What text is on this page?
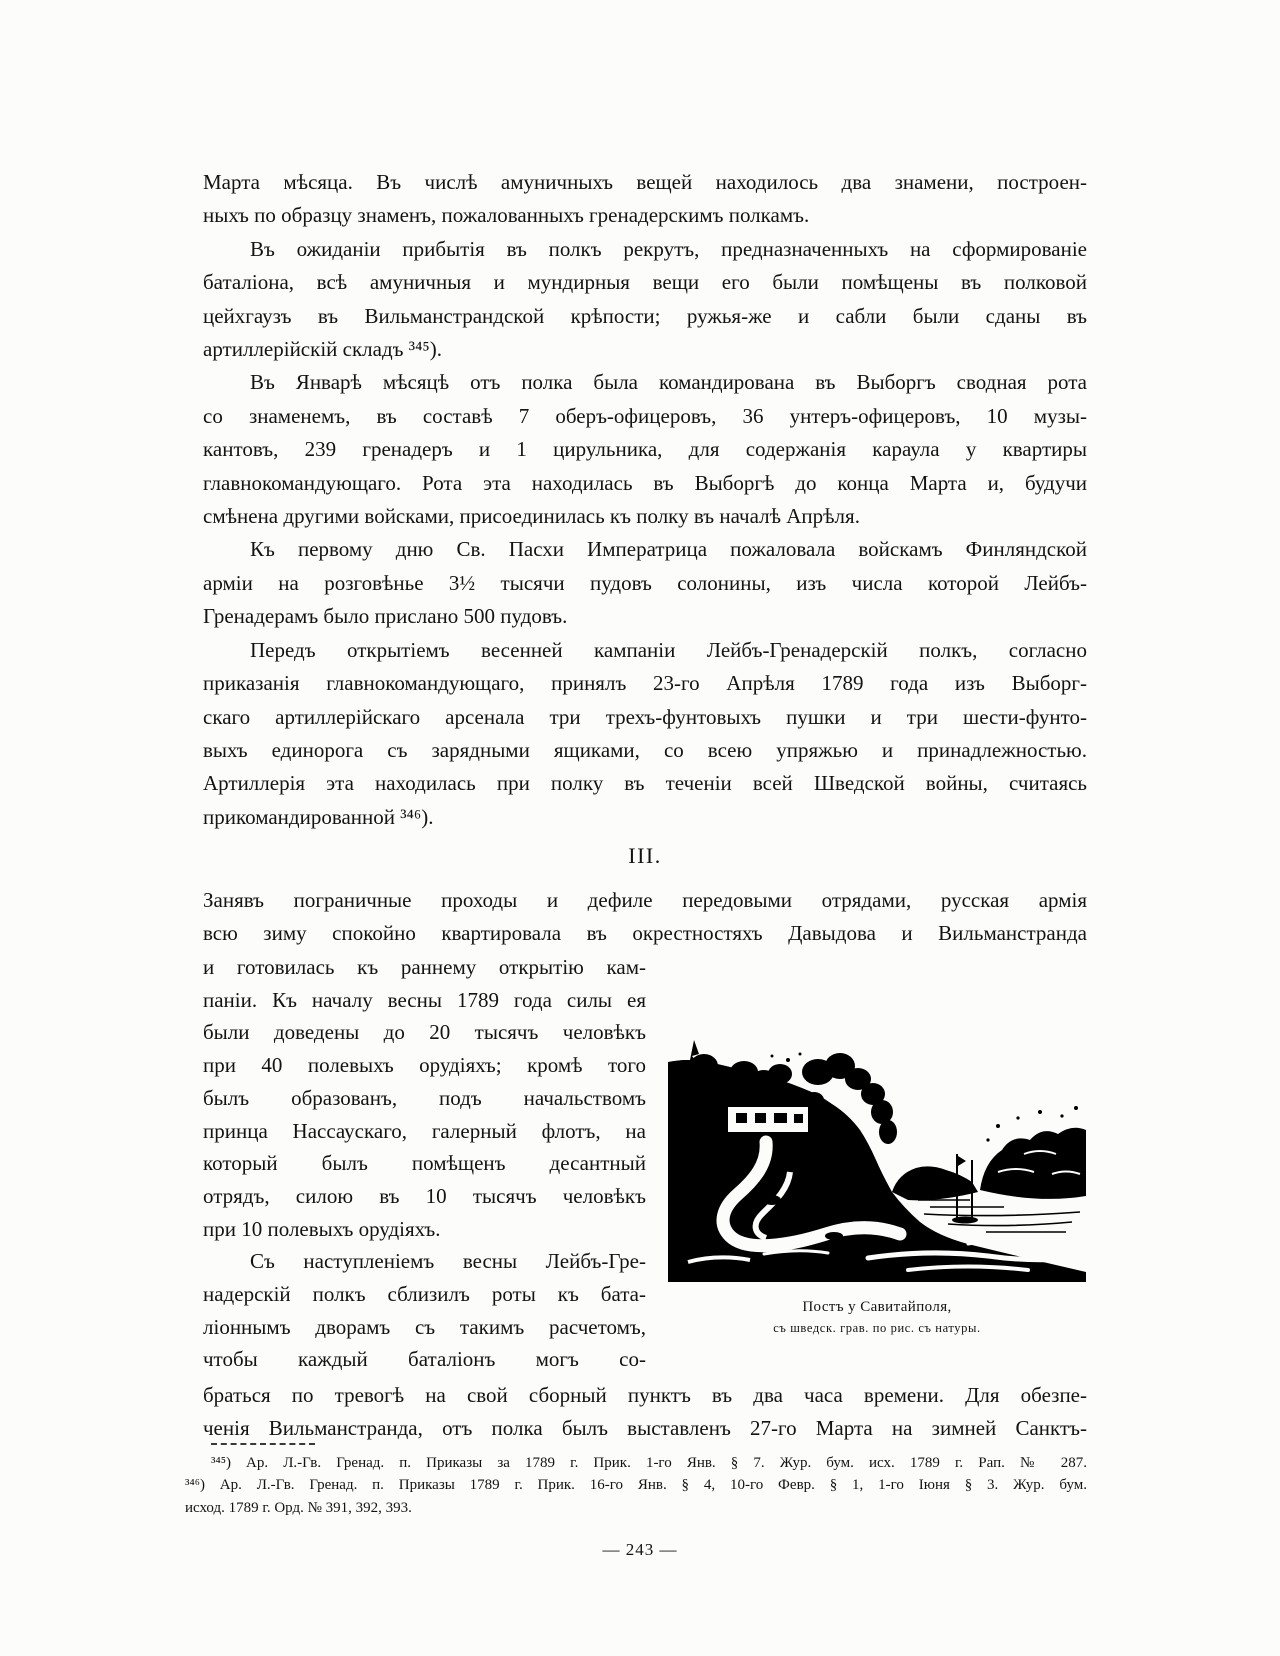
Марта мѣсяца. Въ числѣ амуничныхъ вещей находилось два знамени, построен-
ныхъ по образцу знаменъ, пожалованныхъ гренадерскимъ полкамъ.
Въ ожиданіи прибытія въ полкъ рекрутъ, предназначенныхъ на сформированіе
баталіона, всѣ амуничныя и мундирныя вещи его были помѣщены въ полковой
цейхгаузъ въ Вильманстрандской крѣпости; ружья-же и сабли были сданы въ
артиллерійскій складъ ³⁴⁵).
Въ Январѣ мѣсяцѣ отъ полка была командирована въ Выборгъ сводная рота
со знаменемъ, въ составѣ 7 оберъ-офицеровъ, 36 унтеръ-офицеровъ, 10 музы-
кантовъ, 239 гренадеръ и 1 цирульника, для содержанія караула у квартиры
главнокомандующаго. Рота эта находилась въ Выборгѣ до конца Марта и, будучи
смѣнена другими войсками, присоединилась къ полку въ началѣ Апрѣля.
Къ первому дню Св. Пасхи Императрица пожаловала войскамъ Финляндской
арміи на розговѣнье 3½ тысячи пудовъ солонины, изъ числа которой Лейбъ-
Гренадерамъ было прислано 500 пудовъ.
Передъ открытіемъ весенней кампаніи Лейбъ-Гренадерскій полкъ, согласно
приказанія главнокомандующаго, принялъ 23-го Апрѣля 1789 года изъ Выборг-
скаго артиллерійскаго арсенала три трехъ-фунтовыхъ пушки и три шести-фунто-
выхъ единорога съ зарядными ящиками, со всею упряжью и принадлежностью.
Артиллерія эта находилась при полку въ теченіи всей Шведской войны, считаясь
прикомандированной ³⁴⁶).
III.
Занявъ пограничные проходы и дефиле передовыми отрядами, русская армія
всю зиму спокойно квартировала въ окрестностяхъ Давыдова и Вильманстранда
и готовилась къ раннему открытію кам-
паніи. Къ началу весны 1789 года силы ея
были доведены до 20 тысячъ человѣкъ
при 40 полевыхъ орудіяхъ; кромѣ того
былъ образованъ, подъ начальствомъ
принца Нассаускаго, галерный флотъ, на
который былъ помѣщенъ десантный
отрядъ, силою въ 10 тысячъ человѣкъ
при 10 полевыхъ орудіяхъ.
Съ наступленіемъ весны Лейбъ-Гре-
надерскій полкъ сблизилъ роты къ бата-
ліоннымъ дворамъ съ такимъ расчетомъ,
чтобы каждый баталіонъ могъ со-
браться по тревогѣ на свой сборный пунктъ въ два часа времени. Для обезпе-
ченія Вильманстранда, отъ полка былъ выставленъ 27-го Марта на зимней Санктъ-
Постъ у Савитайполя,
съ шведск. грав. по рис. съ натуры.
³⁴⁵) Ар. Л.-Гв. Гренад. п. Приказы за 1789 г. Прик. 1-го Янв. § 7. Жур. бум. исх. 1789 г. Рап. № 287.
³⁴⁶) Ар. Л.-Гв. Гренад. п. Приказы 1789 г. Прик. 16-го Янв. § 4, 10-го Февр. § 1, 1-го Іюня § 3. Жур. бум.
исход. 1789 г. Орд. № 391, 392, 393.
— 243 —
